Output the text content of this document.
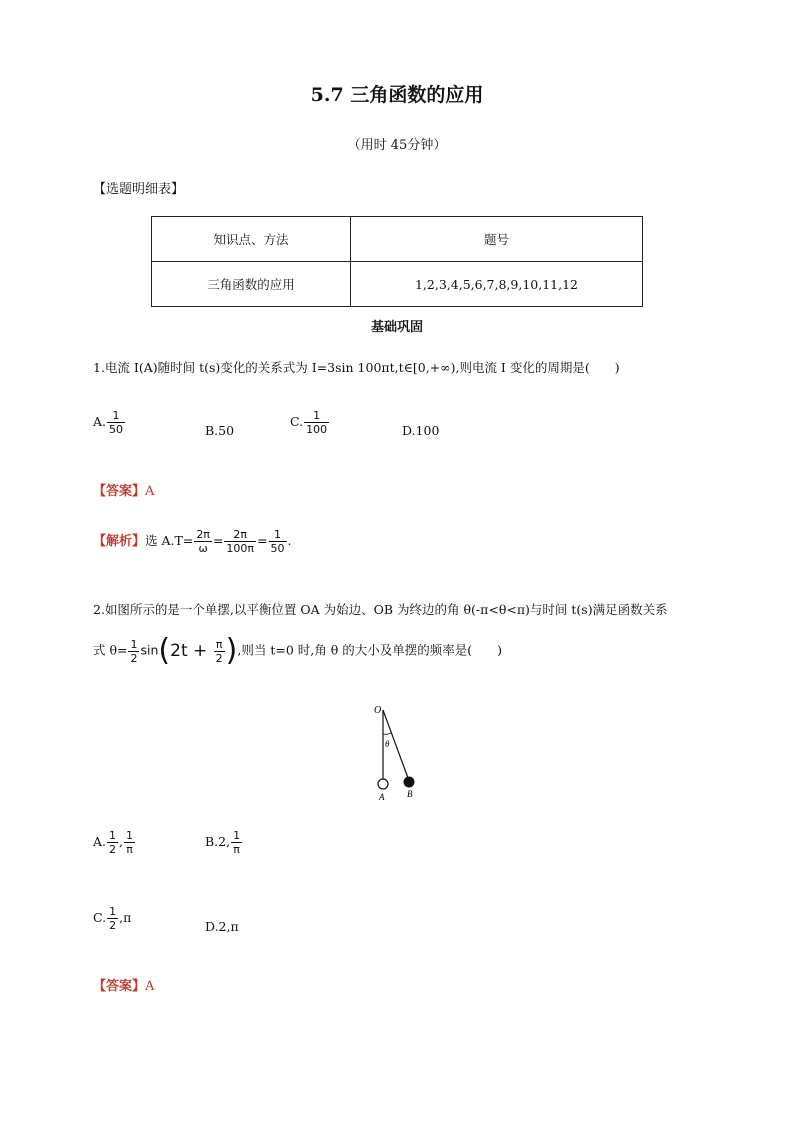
5.7 三角函数的应用
（用时 45分钟）
【选题明细表】
知识点、方法	题号
三角函数的应用	1,2,3,4,5,6,7,8,9,10,11,12
基础巩固
1.电流 I(A)随时间 t(s)变化的关系式为 I=3sin 100πt,t∈[0,+∞),则电流 I 变化的周期是(　　)
A. $\frac{1}{50}$	B.50
C. $\frac{1}{100}$	D.100
【答案】A
【解析】选 $A.T= \frac{2\pi}{\omega} = \frac{2\pi}{100\pi} = \frac{1}{50}$ .
2.如图所示的是一个单摆,以平衡位置 OA 为始边、OB 为终边的角 θ(-π<θ<π)与时间 t(s)满足函数关系
式 $\theta= \frac{1}{2} \sin(2t + \frac{\pi}{2}$ ),则当 t=0 时,角 θ 的大小及单摆的频率是(　　)
O
θ
A	B
A. $\frac{1}{2}$ , $\frac{1}{\pi}$	B.2, $\frac{1}{\pi}$
C. $\frac{1}{2} ,\pi$
D.2,π
【答案】A
